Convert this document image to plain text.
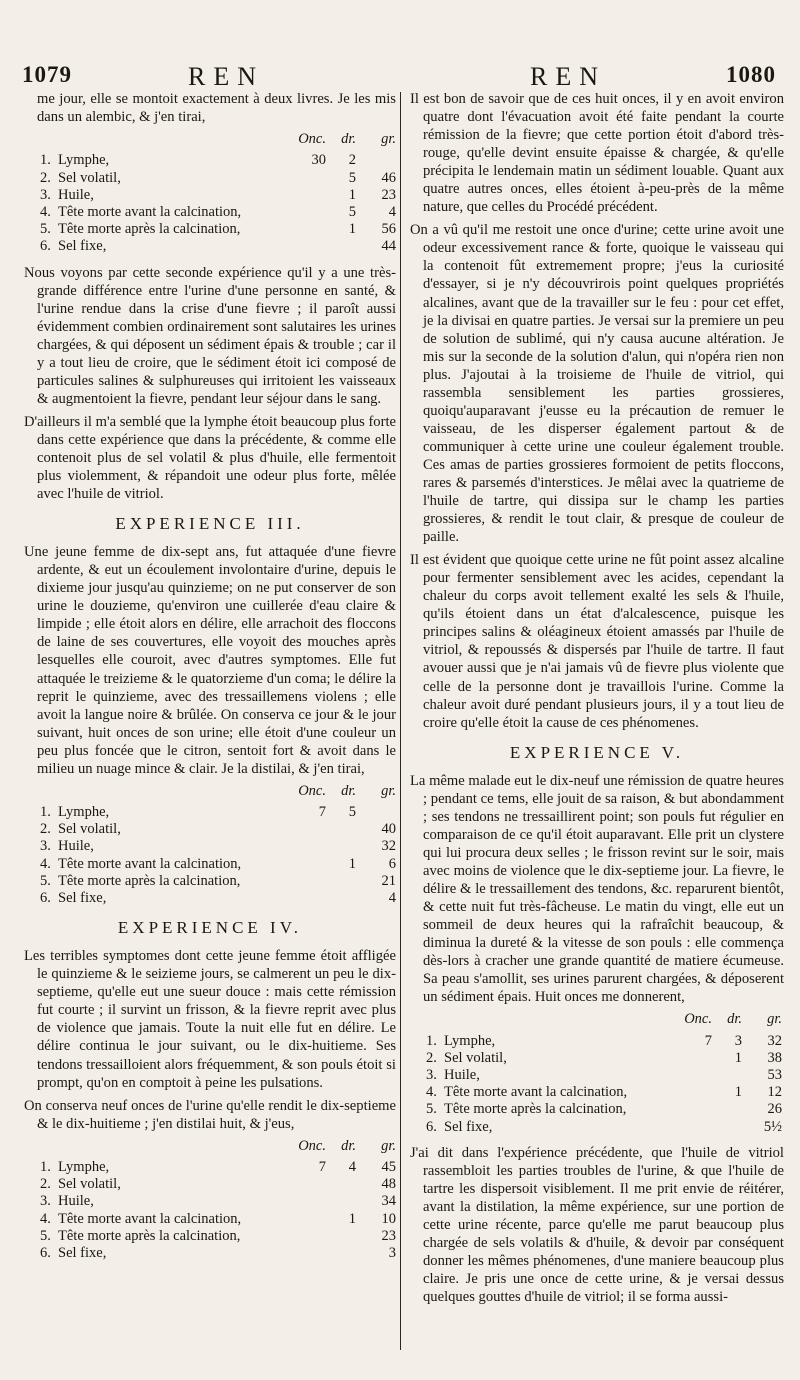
1079	REN	REN	1080

me jour, elle se montoit exactement à deux livres. Je les mis dans un alembic, & j'en tirai,

		Onc.	dr.	gr.
1.	Lymphe,	30	2	
2.	Sel volatil,		5	46
3.	Huile,		1	23
4.	Tête morte avant la calcination,		5	4
5.	Tête morte après la calcination,		1	56
6.	Sel fixe,			44

Nous voyons par cette seconde expérience qu'il y a une très-grande différence entre l'urine d'une personne en santé, & l'urine rendue dans la crise d'une fievre ; il paroît aussi évidemment combien ordinairement sont salutaires les urines chargées, & qui déposent un sédiment épais & trouble ; car il y a tout lieu de croire, que le sédiment étoit ici composé de particules salines & sulphureuses qui irritoient les vaisseaux & augmentoient la fievre, pendant leur séjour dans le sang.

D'ailleurs il m'a semblé que la lymphe étoit beaucoup plus forte dans cette expérience que dans la précédente, & comme elle contenoit plus de sel volatil & plus d'huile, elle fermentoit plus violemment, & répandoit une odeur plus forte, mêlée avec l'huile de vitriol.

EXPERIENCE III.

Une jeune femme de dix-sept ans, fut attaquée d'une fievre ardente, & eut un écoulement involontaire d'urine, depuis le dixieme jour jusqu'au quinzieme; on ne put conserver de son urine le douzieme, qu'environ une cuillerée d'eau claire & limpide ; elle étoit alors en délire, elle arrachoit des floccons de laine de ses couvertures, elle voyoit des mouches après lesquelles elle couroit, avec d'autres symptomes. Elle fut attaquée le treizieme & le quatorzieme d'un coma; le délire la reprit le quinzieme, avec des tressaillemens violens ; elle avoit la langue noire & brûlée. On conserva ce jour & le jour suivant, huit onces de son urine; elle étoit d'une couleur un peu plus foncée que le citron, sentoit fort & avoit dans le milieu un nuage mince & clair. Je la distilai, & j'en tirai,

		Onc.	dr.	gr.
1.	Lymphe,	7	5	
2.	Sel volatil,			40
3.	Huile,			32
4.	Tête morte avant la calcination,		1	6
5.	Tête morte après la calcination,			21
6.	Sel fixe,			4
EXPERIENCE IV.

Les terribles symptomes dont cette jeune femme étoit affligée le quinzieme & le seizieme jours, se calmerent un peu le dix-septieme, qu'elle eut une sueur douce : mais cette rémission fut courte ; il survint un frisson, & la fievre reprit avec plus de violence que jamais. Toute la nuit elle fut en délire. Le délire continua le jour suivant, ou le dix-huitieme. Ses tendons tressailloient alors fréquemment, & son pouls étoit si prompt, qu'on en comptoit à peine les pulsations.

On conserva neuf onces de l'urine qu'elle rendit le dix-septieme & le dix-huitieme ; j'en distilai huit, & j'eus,

		Onc.	dr.	gr.
1.	Lymphe,	7	4	45
2.	Sel volatil,			48
3.	Huile,			34
4.	Tête morte avant la calcination,		1	10
5.	Tête morte après la calcination,			23
6.	Sel fixe,			3

Il est bon de savoir que de ces huit onces, il y en avoit environ quatre dont l'évacuation avoit été faite pendant la courte rémission de la fievre; que cette portion étoit d'abord très-rouge, qu'elle devint ensuite épaisse & chargée, & qu'elle précipita le lendemain matin un sédiment louable. Quant aux quatre autres onces, elles étoient à-peu-près de la même nature, que celles du Procédé précédent.

On a vû qu'il me restoit une once d'urine; cette urine avoit une odeur excessivement rance & forte, quoique le vaisseau qui la contenoit fût extremement propre; j'eus la curiosité d'essayer, si je n'y découvrirois point quelques propriétés alcalines, avant que de la travailler sur le feu : pour cet effet, je la divisai en quatre parties. Je versai sur la premiere un peu de solution de sublimé, qui n'y causa aucune altération. Je mis sur la seconde de la solution d'alun, qui n'opéra rien non plus. J'ajoutai à la troisieme de l'huile de vitriol, qui rassembla sensiblement les parties grossieres, quoiqu'auparavant j'eusse eu la précaution de remuer le vaisseau, de les disperser également partout & de communiquer à cette urine une couleur également trouble. Ces amas de parties grossieres formoient de petits floccons, rares & parsemés d'interstices. Je mêlai avec la quatrieme de l'huile de tartre, qui dissipa sur le champ les parties grossieres, & rendit le tout clair, & presque de couleur de paille.

Il est évident que quoique cette urine ne fût point assez alcaline pour fermenter sensiblement avec les acides, cependant la chaleur du corps avoit tellement exalté les sels & l'huile, qu'ils étoient dans un état d'alcalescence, puisque les principes salins & oléagineux étoient amassés par l'huile de vitriol, & repoussés & dispersés par l'huile de tartre. Il faut avouer aussi que je n'ai jamais vû de fievre plus violente que celle de la personne dont je travaillois l'urine. Comme la chaleur avoit duré pendant plusieurs jours, il y a tout lieu de croire qu'elle étoit la cause de ces phénomenes.

EXPERIENCE V.

La même malade eut le dix-neuf une rémission de quatre heures ; pendant ce tems, elle jouit de sa raison, & but abondamment ; ses tendons ne tressaillirent point; son pouls fut régulier en comparaison de ce qu'il étoit auparavant. Elle prit un clystere qui lui procura deux selles ; le frisson revint sur le soir, mais avec moins de violence que le dix-septieme jour. La fievre, le délire & le tressaillement des tendons, &c. reparurent bientôt, & cette nuit fut très-fâcheuse. Le matin du vingt, elle eut un sommeil de deux heures qui la rafraîchit beaucoup, & diminua la dureté & la vitesse de son pouls : elle commença dès-lors à cracher une grande quantité de matiere écumeuse. Sa peau s'amollit, ses urines parurent chargées, & déposerent un sédiment épais. Huit onces me donnerent,

		Onc.	dr.	gr.
1.	Lymphe,	7	3	32
2.	Sel volatil,		1	38
3.	Huile,			53
4.	Tête morte avant la calcination,		1	12
5.	Tête morte après la calcination,			26
6.	Sel fixe,			5½

J'ai dit dans l'expérience précédente, que l'huile de vitriol rassembloit les parties troubles de l'urine, & que l'huile de tartre les dispersoit visiblement. Il me prit envie de réitérer, avant la distilation, la même expérience, sur une portion de cette urine récente, parce qu'elle me parut beaucoup plus chargée de sels volatils & d'huile, & devoir par conséquent donner les mêmes phénomenes, d'une maniere beaucoup plus claire. Je pris une once de cette urine, & je versai dessus quelques gouttes d'huile de vitriol; il se forma aussi-
